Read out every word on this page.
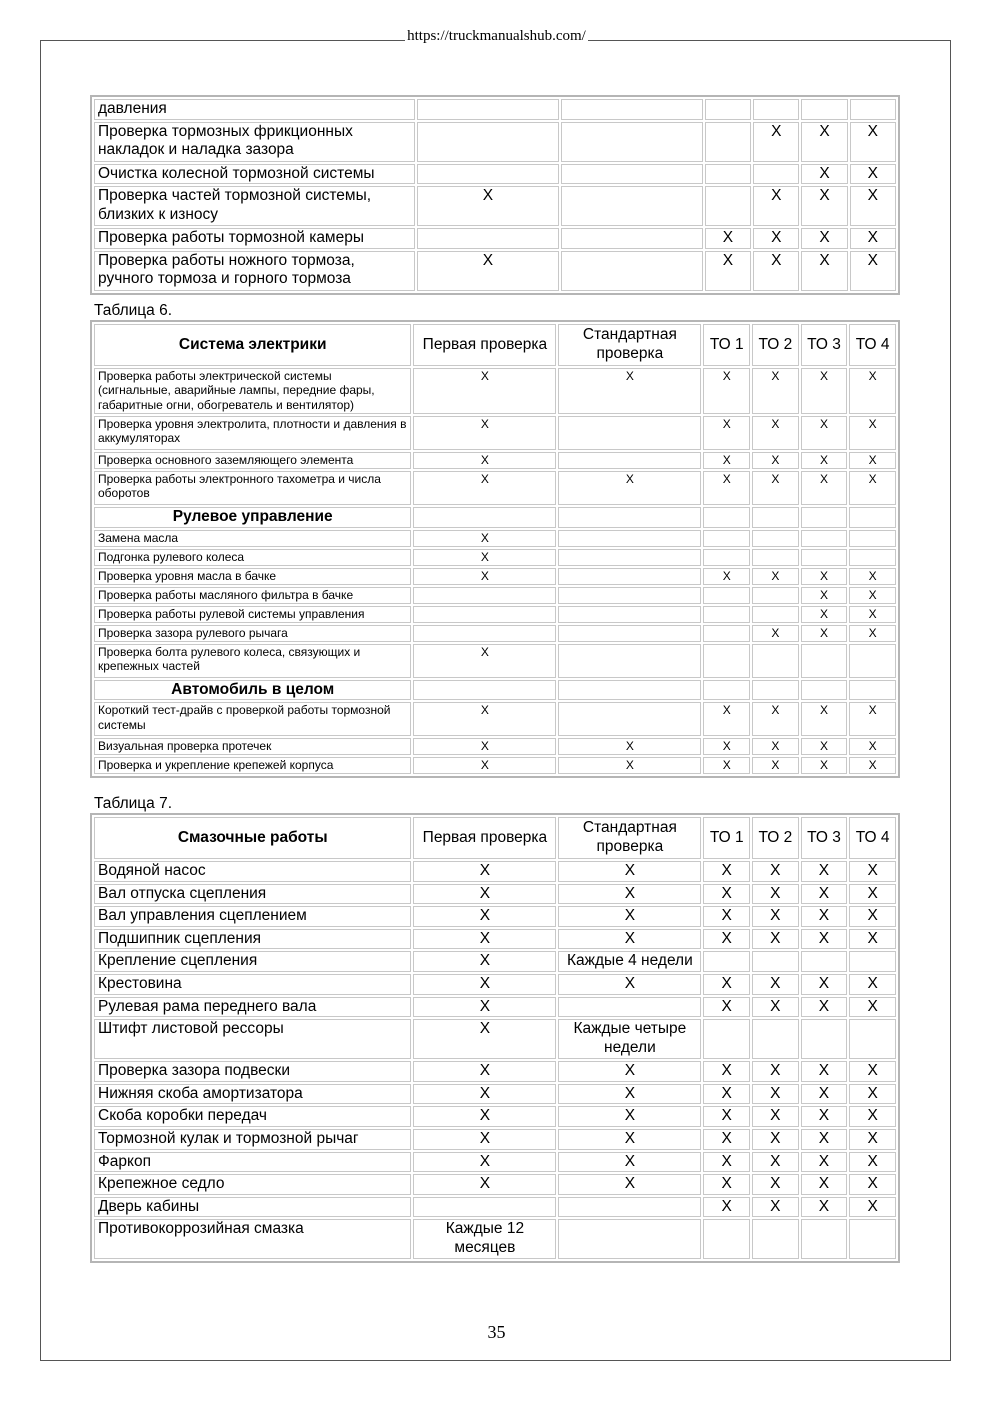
https://truckmanualshub.com/
давления						
Проверка тормозных фрикционных накладок и наладка зазора				X	X	X
Очистка колесной тормозной системы					X	X
Проверка частей тормозной системы, близких к износу	X			X	X	X
Проверка работы тормозной камеры			X	X	X	X
Проверка работы ножного тормоза, ручного тормоза и горного тормоза	X		X	X	X	X
Таблица 6.
Система электрики	Первая проверка	Стандартная проверка	ТО 1	ТО 2	ТО 3	ТО 4
Проверка работы электрической системы (сигнальные, аварийные лампы, передние фары, габаритные огни, обогреватель и вентилятор)	X	X	X	X	X	X
Проверка уровня электролита, плотности и давления в аккумуляторах	X		X	X	X	X
Проверка основного заземляющего элемента	X		X	X	X	X
Проверка работы электронного тахометра и числа оборотов	X	X	X	X	X	X
Рулевое управление						
Замена масла	X					
Подгонка рулевого колеса	X					
Проверка уровня масла в бачке	X		X	X	X	X
Проверка работы масляного фильтра в бачке					X	X
Проверка работы рулевой системы управления					X	X
Проверка зазора рулевого рычага				X	X	X
Проверка болта рулевого колеса, связующих и крепежных частей	X					
Автомобиль в целом						
Короткий тест-драйв с проверкой работы тормозной системы	X		X	X	X	X
Визуальная проверка протечек	X	X	X	X	X	X
Проверка и укрепление крепежей корпуса	X	X	X	X	X	X
Таблица 7.
Смазочные работы	Первая проверка	Стандартная проверка	ТО 1	ТО 2	ТО 3	ТО 4
Водяной насос	X	X	X	X	X	X
Вал отпуска сцепления	X	X	X	X	X	X
Вал управления сцеплением	X	X	X	X	X	X
Подшипник сцепления	X	X	X	X	X	X
Крепление сцепления	X	Каждые 4 недели				
Крестовина	X	X	X	X	X	X
Рулевая рама переднего вала	X		X	X	X	X
Штифт листовой рессоры	X	Каждые четыре недели				
Проверка зазора подвески	X	X	X	X	X	X
Нижняя скоба амортизатора	X	X	X	X	X	X
Скоба коробки передач	X	X	X	X	X	X
Тормозной кулак и тормозной рычаг	X	X	X	X	X	X
Фаркоп	X	X	X	X	X	X
Крепежное седло	X	X	X	X	X	X
Дверь кабины			X	X	X	X
Противокоррозийная смазка	Каждые 12 месяцев					
35
